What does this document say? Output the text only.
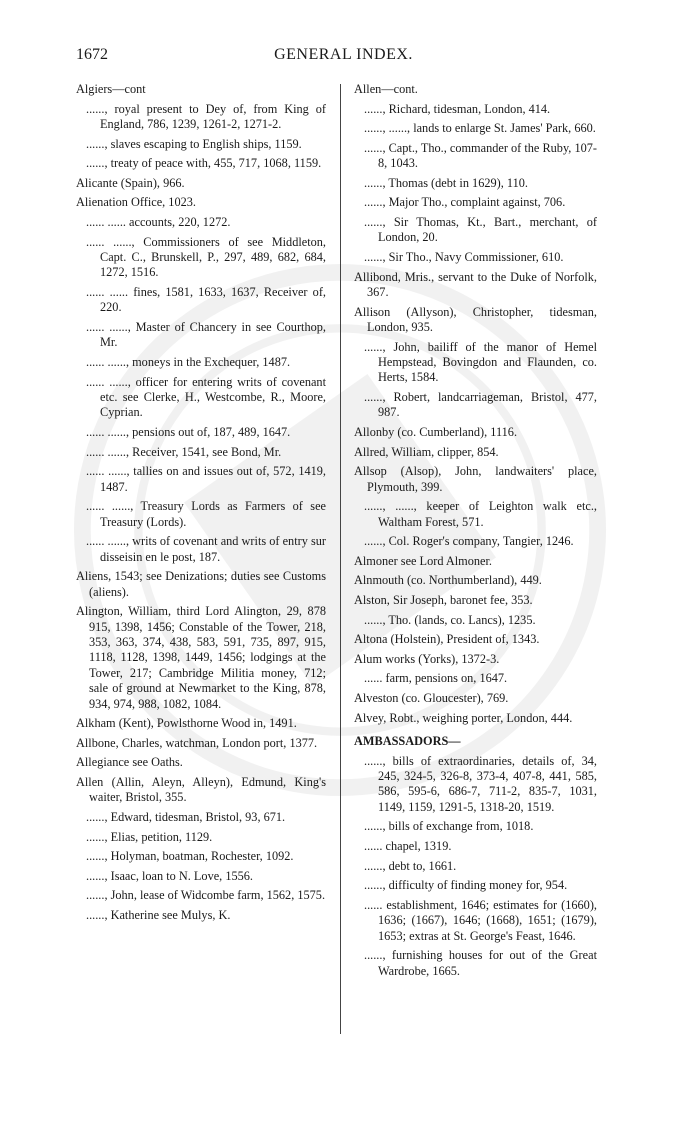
1672	GENERAL INDEX.

Algiers—cont

......, royal present to Dey of, from King of England, 786, 1239, 1261-2, 1271-2.

......, slaves escaping to English ships, 1159.

......, treaty of peace with, 455, 717, 1068, 1159.

Alicante (Spain), 966.

Alienation Office, 1023.

...... ...... accounts, 220, 1272.

...... ......, Commissioners of see Middleton, Capt. C., Brunskell, P., 297, 489, 682, 684, 1272, 1516.

...... ...... fines, 1581, 1633, 1637, Receiver of, 220.

...... ......, Master of Chancery in see Courthop, Mr.

...... ......, moneys in the Exchequer, 1487.

...... ......, officer for entering writs of covenant etc. see Clerke, H., Westcombe, R., Moore, Cyprian.

...... ......, pensions out of, 187, 489, 1647.

...... ......, Receiver, 1541, see Bond, Mr.

...... ......, tallies on and issues out of, 572, 1419, 1487.

...... ......, Treasury Lords as Farmers of see Treasury (Lords).

...... ......, writs of covenant and writs of entry sur disseisin en le post, 187.

Aliens, 1543; see Denizations; duties see Customs (aliens).

Alington, William, third Lord Alington, 29, 878 915, 1398, 1456; Constable of the Tower, 218, 353, 363, 374, 438, 583, 591, 735, 897, 915, 1118, 1128, 1398, 1449, 1456; lodgings at the Tower, 217; Cambridge Militia money, 712; sale of ground at Newmarket to the King, 878, 934, 974, 988, 1082, 1084.

Alkham (Kent), Powlsthorne Wood in, 1491.

Allbone, Charles, watchman, London port, 1377.

Allegiance see Oaths.

Allen (Allin, Aleyn, Alleyn), Edmund, King's waiter, Bristol, 355.

......, Edward, tidesman, Bristol, 93, 671.

......, Elias, petition, 1129.

......, Holyman, boatman, Rochester, 1092.

......, Isaac, loan to N. Love, 1556.

......, John, lease of Widcombe farm, 1562, 1575.

......, Katherine see Mulys, K.

Allen—cont.

......, Richard, tidesman, London, 414.

......, ......, lands to enlarge St. James' Park, 660.

......, Capt., Tho., commander of the Ruby, 107-8, 1043.

......, Thomas (debt in 1629), 110.

......, Major Tho., complaint against, 706.

......, Sir Thomas, Kt., Bart., merchant, of London, 20.

......, Sir Tho., Navy Commissioner, 610.

Allibond, Mris., servant to the Duke of Norfolk, 367.

Allison (Allyson), Christopher, tidesman, London, 935.

......, John, bailiff of the manor of Hemel Hempstead, Bovingdon and Flaunden, co. Herts, 1584.

......, Robert, landcarriageman, Bristol, 477, 987.

Allonby (co. Cumberland), 1116.

Allred, William, clipper, 854.

Allsop (Alsop), John, landwaiters' place, Plymouth, 399.

......, ......, keeper of Leighton walk etc., Waltham Forest, 571.

......, Col. Roger's company, Tangier, 1246.

Almoner see Lord Almoner.

Alnmouth (co. Northumberland), 449.

Alston, Sir Joseph, baronet fee, 353.

......, Tho. (lands, co. Lancs), 1235.

Altona (Holstein), President of, 1343.

Alum works (Yorks), 1372-3.

...... farm, pensions on, 1647.

Alveston (co. Gloucester), 769.

Alvey, Robt., weighing porter, London, 444.

AMBASSADORS—

......, bills of extraordinaries, details of, 34, 245, 324-5, 326-8, 373-4, 407-8, 441, 585, 586, 595-6, 686-7, 711-2, 835-7, 1031, 1149, 1159, 1291-5, 1318-20, 1519.

......, bills of exchange from, 1018.

...... chapel, 1319.

......, debt to, 1661.

......, difficulty of finding money for, 954.

...... establishment, 1646; estimates for (1660), 1636; (1667), 1646; (1668), 1651; (1679), 1653; extras at St. George's Feast, 1646.

......, furnishing houses for out of the Great Wardrobe, 1665.
